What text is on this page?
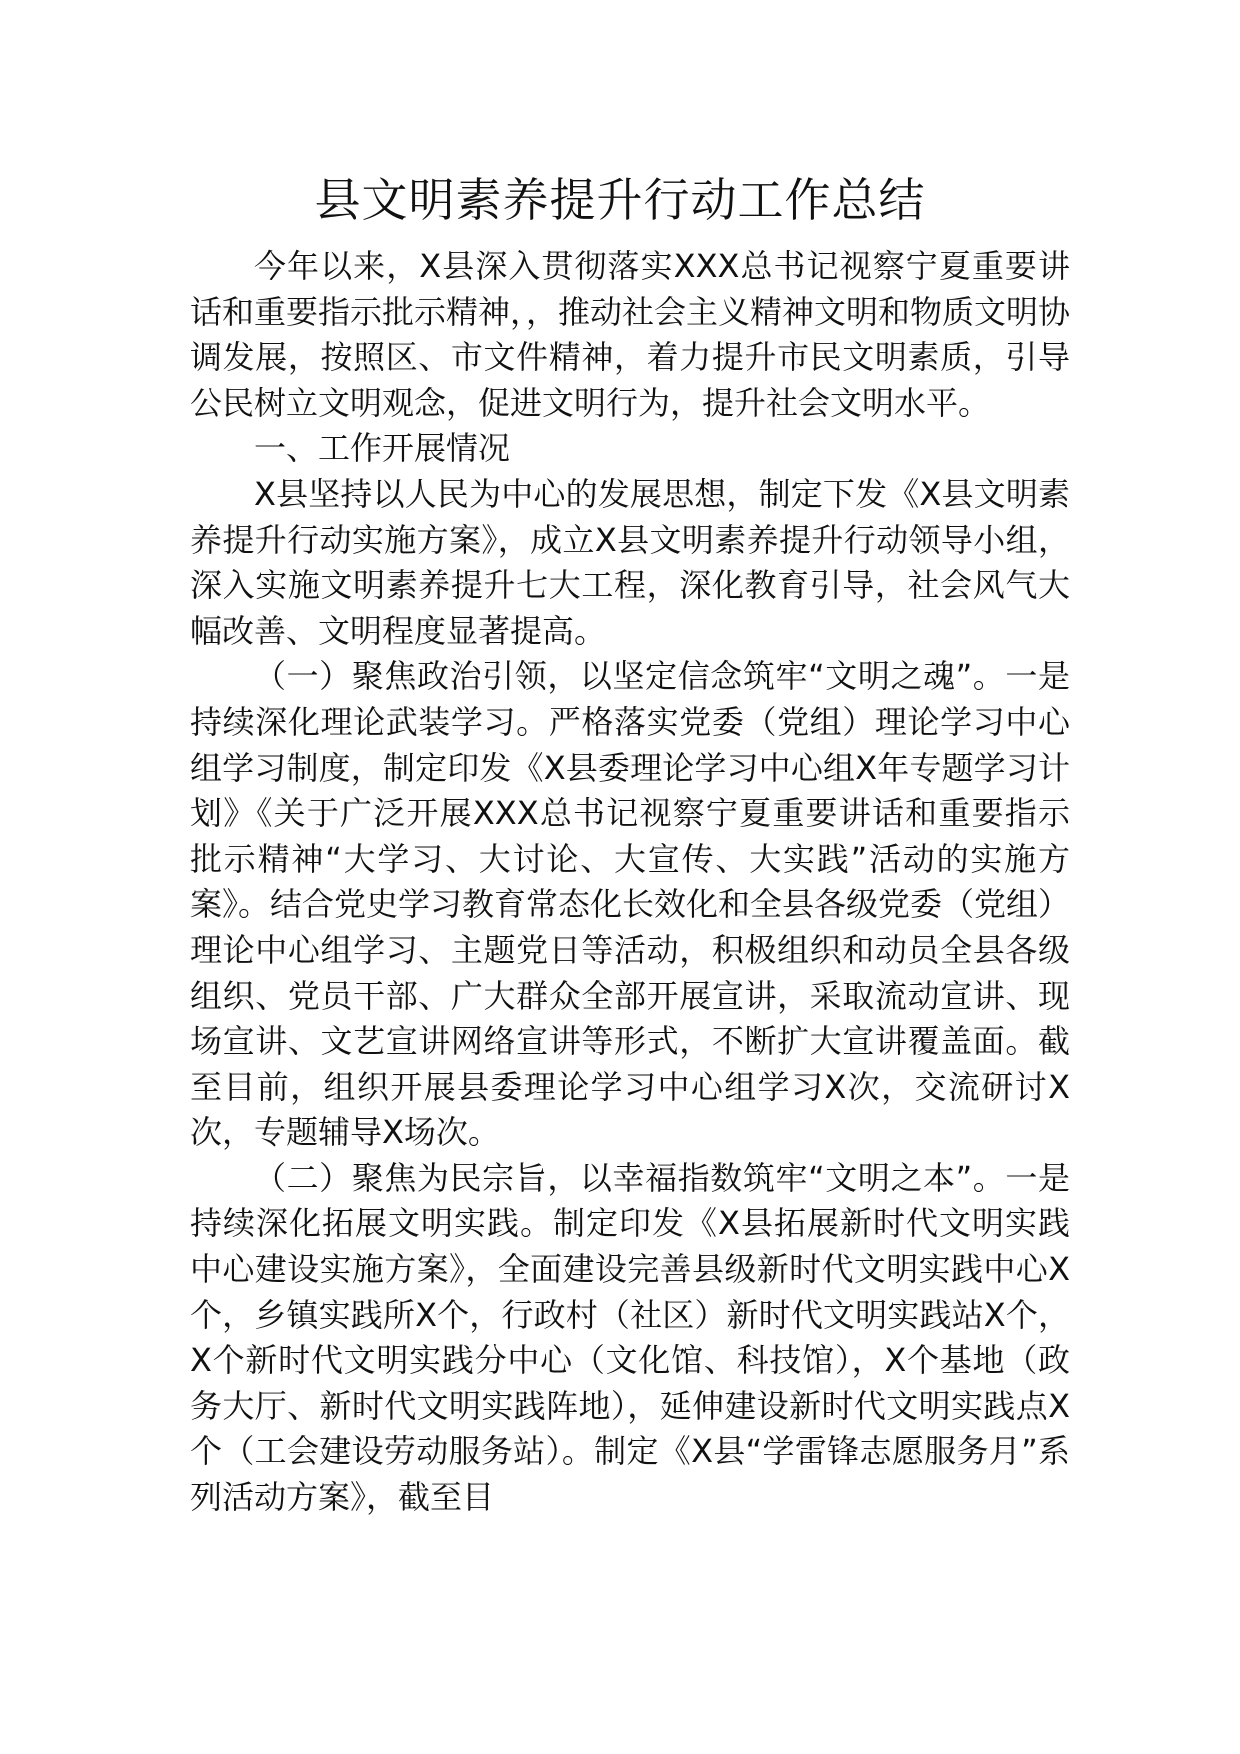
县文明素养提升行动工作总结

今年以来，X县深入贯彻落实XXX总书记视察宁夏重要讲话和重要指示批示精神，，推动社会主义精神文明和物质文明协调发展，按照区、市文件精神，着力提升市民文明素质，引导公民树立文明观念，促进文明行为，提升社会文明水平。

一、工作开展情况

X县坚持以人民为中心的发展思想，制定下发《X县文明素养提升行动实施方案》，成立X县文明素养提升行动领导小组，深入实施文明素养提升七大工程，深化教育引导，社会风气大幅改善、文明程度显著提高。

（一）聚焦政治引领，以坚定信念筑牢“文明之魂”。一是持续深化理论武装学习。严格落实党委（党组）理论学习中心组学习制度，制定印发《X县委理论学习中心组X年专题学习计划》《关于广泛开展XXX总书记视察宁夏重要讲话和重要指示批示精神“大学习、大讨论、大宣传、大实践”活动的实施方案》。结合党史学习教育常态化长效化和全县各级党委（党组）理论中心组学习、主题党日等活动，积极组织和动员全县各级组织、党员干部、广大群众全部开展宣讲，采取流动宣讲、现场宣讲、文艺宣讲网络宣讲等形式，不断扩大宣讲覆盖面。截至目前，组织开展县委理论学习中心组学习X次，交流研讨X次，专题辅导X场次。

（二）聚焦为民宗旨，以幸福指数筑牢“文明之本”。一是持续深化拓展文明实践。制定印发《X县拓展新时代文明实践中心建设实施方案》，全面建设完善县级新时代文明实践中心X个，乡镇实践所X个，行政村（社区）新时代文明实践站X个，X个新时代文明实践分中心（文化馆、科技馆），X个基地（政务大厅、新时代文明实践阵地），延伸建设新时代文明实践点X个（工会建设劳动服务站）。制定《X县“学雷锋志愿服务月”系列活动方案》，截至目
